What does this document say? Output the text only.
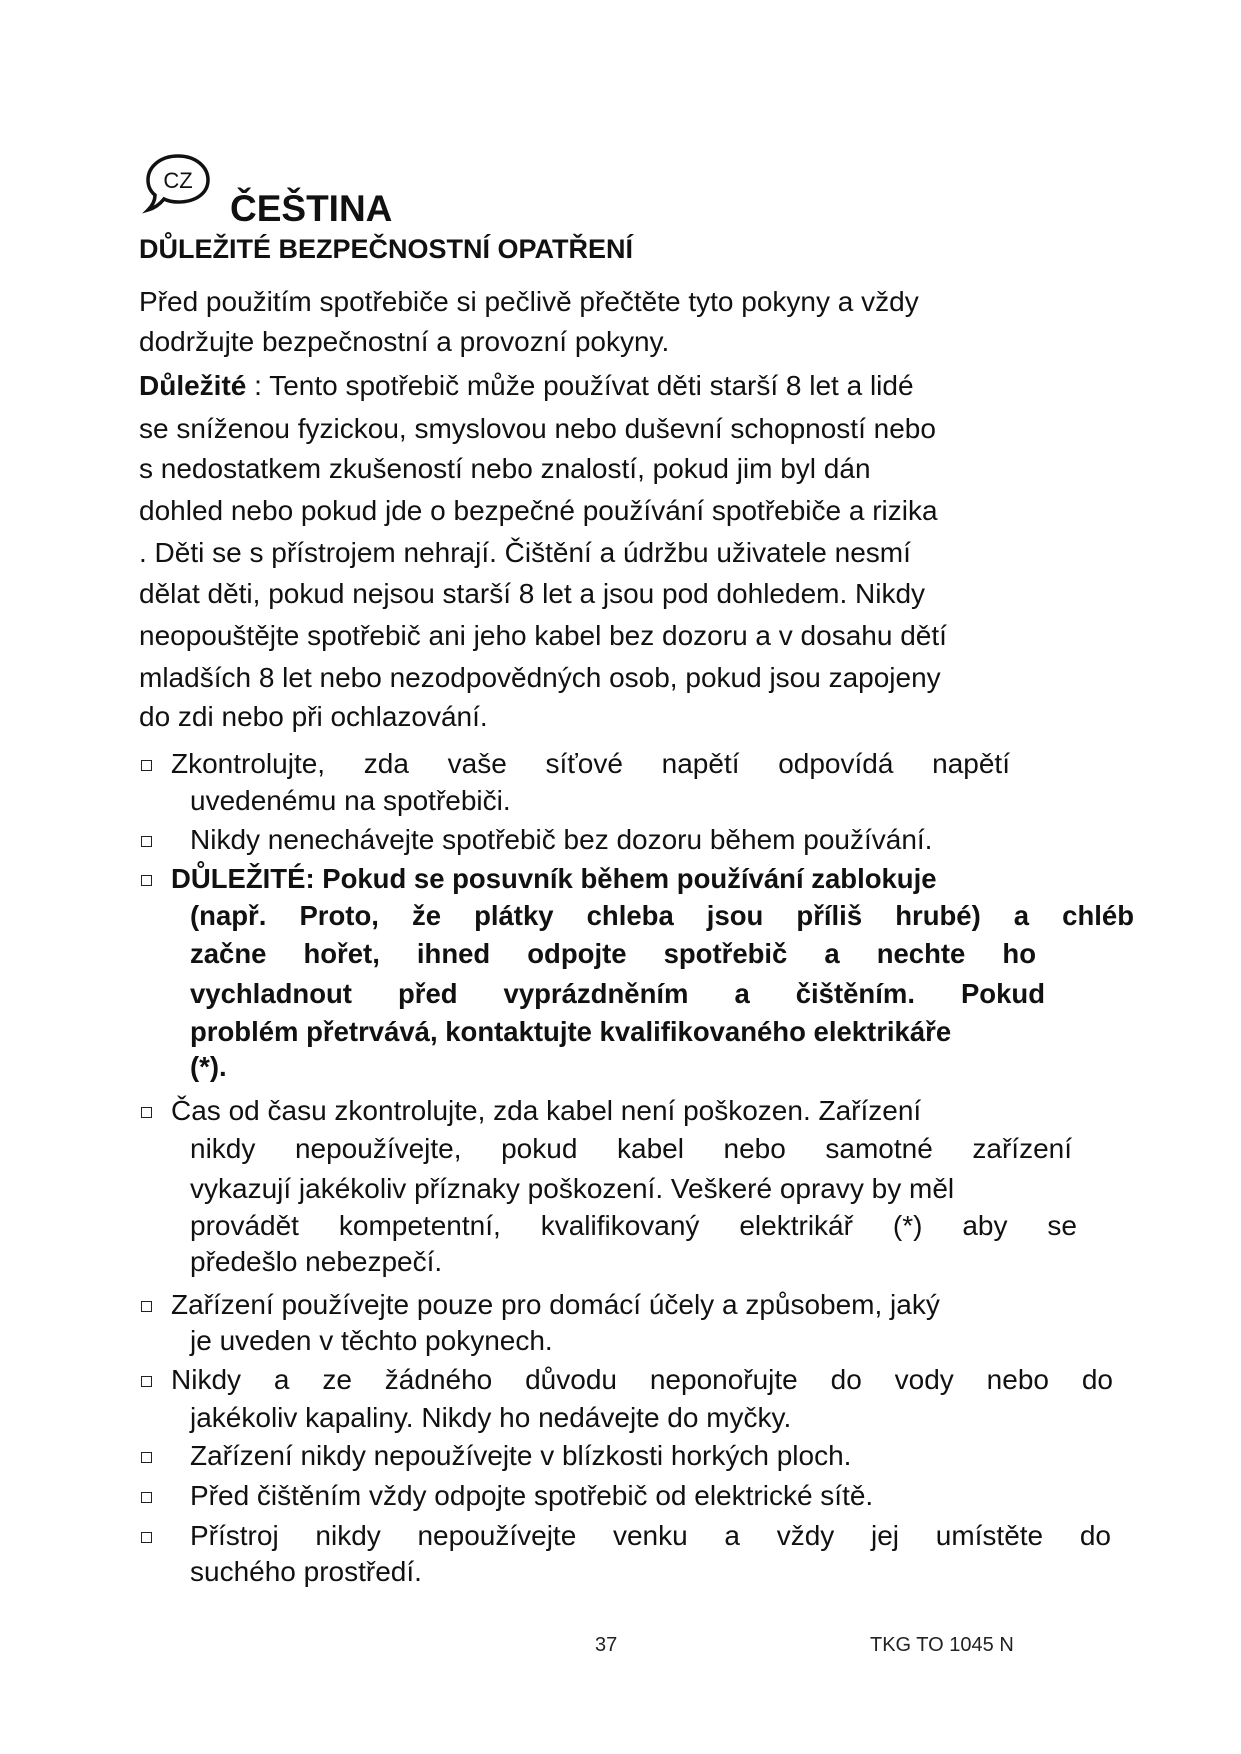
CZ
ČEŠTINA
DŮLEŽITÉ BEZPEČNOSTNÍ OPATŘENÍ
Před použitím spotřebiče si pečlivě přečtěte tyto pokyny a vždy
dodržujte bezpečnostní a provozní pokyny.
Důležité : Tento spotřebič může používat děti starší 8 let a lidé
se sníženou fyzickou, smyslovou nebo duševní schopností nebo
s nedostatkem zkušeností nebo znalostí, pokud jim byl dán
dohled nebo pokud jde o bezpečné používání spotřebiče a rizika
. Děti se s přístrojem nehrají. Čištění a údržbu uživatele nesmí
dělat děti, pokud nejsou starší 8 let a jsou pod dohledem. Nikdy
neopouštějte spotřebič ani jeho kabel bez dozoru a v dosahu dětí
mladších 8 let nebo nezodpovědných osob, pokud jsou zapojeny
do zdi nebo při ochlazování.
Zkontrolujte, zda vaše síťové napětí odpovídá napětí
uvedenému na spotřebiči.
Nikdy nenechávejte spotřebič bez dozoru během používání.
DŮLEŽITÉ: Pokud se posuvník během používání zablokuje
(např. Proto, že plátky chleba jsou příliš hrubé) a chléb
začne hořet, ihned odpojte spotřebič a nechte ho
vychladnout před vyprázdněním a čištěním. Pokud
problém přetrvává, kontaktujte kvalifikovaného elektrikáře
(*).
Čas od času zkontrolujte, zda kabel není poškozen. Zařízení
nikdy nepoužívejte, pokud kabel nebo samotné zařízení
vykazují jakékoliv příznaky poškození. Veškeré opravy by měl
provádět kompetentní, kvalifikovaný elektrikář (*) aby se
předešlo nebezpečí.
Zařízení používejte pouze pro domácí účely a způsobem, jaký
je uveden v těchto pokynech.
Nikdy a ze žádného důvodu neponořujte do vody nebo do
jakékoliv kapaliny. Nikdy ho nedávejte do myčky.
Zařízení nikdy nepoužívejte v blízkosti horkých ploch.
Před čištěním vždy odpojte spotřebič od elektrické sítě.
Přístroj nikdy nepoužívejte venku a vždy jej umístěte do
suchého prostředí.
37	TKG TO 1045 N
